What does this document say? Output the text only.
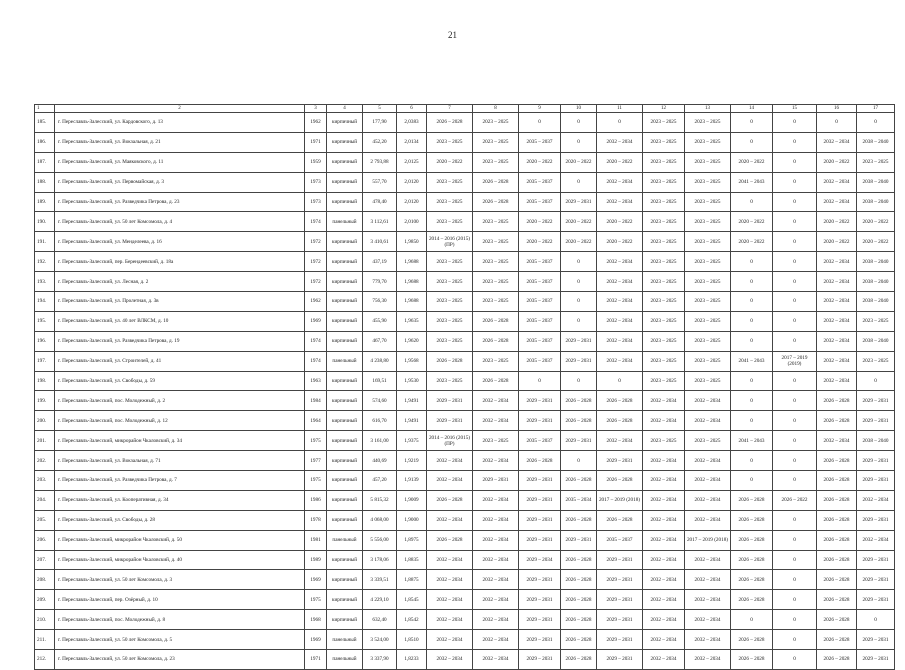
21
1	2	3	4	5	6	7	8	9	10	11	12	13	14	15	16	17
185.	г. Переславль-Залесский, ул. Кардовского, д. 13	1962	кирпичный	177,90	2,0383	2026 – 2028	2023 – 2025	0	0	0	2023 – 2025	2023 – 2025	0	0	0	0
186.	г. Переславль-Залесский, ул. Вокзальная, д. 21	1971	кирпичный	452,20	2,0134	2023 – 2025	2023 – 2025	2035 – 2037	0	2032 – 2034	2023 – 2025	2023 – 2025	0	0	2032 – 2034	2038 – 2040
187.	г. Переславль-Залесский, ул. Маяковского, д. 11	1959	кирпичный	2 793,88	2,0125	2020 – 2022	2023 – 2025	2020 – 2022	2020 – 2022	2020 – 2022	2023 – 2025	2023 – 2025	2020 – 2022	0	2020 – 2022	2023 – 2025
188.	г. Переславль-Залесский, ул. Первомайская, д. 3	1973	кирпичный	557,70	2,0120	2023 – 2025	2026 – 2028	2035 – 2037	0	2032 – 2034	2023 – 2025	2023 – 2025	2041 – 2043	0	2032 – 2034	2038 – 2040
189.	г. Переславль-Залесский, ул. Разведчика Петрова, д. 23	1973	кирпичный	478,40	2,0120	2023 – 2025	2026 – 2028	2035 – 2037	2029 – 2031	2032 – 2034	2023 – 2025	2023 – 2025	0	0	2032 – 2034	2038 – 2040
190.	г. Переславль-Залесский, ул. 50 лет Комсомола, д. 4	1974	панельный	3 112,61	2,0100	2023 – 2025	2023 – 2025	2020 – 2022	2020 – 2022	2020 – 2022	2023 – 2025	2023 – 2025	2020 – 2022	0	2020 – 2022	2020 – 2022
191.	г. Переславль-Залесский, ул. Менделеева, д. 16	1972	кирпичный	3 410,61	1,9850	2014 – 2016 (2015)(ПР)	2023 – 2025	2020 – 2022	2020 – 2022	2020 – 2022	2023 – 2025	2023 – 2025	2020 – 2022	0	2020 – 2022	2020 – 2022
192.	г. Переславль-Залесский, пер. Берендеевский, д. 18а	1972	кирпичный	437,19	1,9688	2023 – 2025	2023 – 2025	2035 – 2037	0	2032 – 2034	2023 – 2025	2023 – 2025	0	0	2032 – 2034	2038 – 2040
193.	г. Переславль-Залесский, ул. Лесная, д. 2	1972	кирпичный	779,70	1,9688	2023 – 2025	2023 – 2025	2035 – 2037	0	2032 – 2034	2023 – 2025	2023 – 2025	0	0	2032 – 2034	2038 – 2040
194.	г. Переславль-Залесский, ул. Пролетная, д. 3в	1962	кирпичный	756,30	1,9688	2023 – 2025	2023 – 2025	2035 – 2037	0	2032 – 2034	2023 – 2025	2023 – 2025	0	0	2032 – 2034	2038 – 2040
195.	г. Переславль-Залесский, ул. 40 лет ВЛКСМ, д. 10	1969	кирпичный	455,90	1,9635	2023 – 2025	2026 – 2028	2035 – 2037	0	2032 – 2034	2023 – 2025	2023 – 2025	0	0	2032 – 2034	2023 – 2025
196.	г. Переславль-Залесский, ул. Разведчика Петрова, д. 19	1974	кирпичный	467,70	1,9620	2023 – 2025	2026 – 2028	2035 – 2037	2029 – 2031	2032 – 2034	2023 – 2025	2023 – 2025	0	0	2032 – 2034	2038 – 2040
197.	г. Переславль-Залесский, ул. Строителей, д. 41	1974	панельный	4 238,80	1,9568	2026 – 2028	2023 – 2025	2035 – 2037	2029 – 2031	2032 – 2034	2023 – 2025	2023 – 2025	2041 – 2043	2017 – 2019 (2019)	2032 – 2034	2023 – 2025
198.	г. Переславль-Залесский, ул. Свободы, д. 59	1963	кирпичный	169,51	1,9530	2023 – 2025	2026 – 2028	0	0	0	2023 – 2025	2023 – 2025	0	0	2032 – 2034	0
199.	г. Переславль-Залесский, пос. Молодежный, д. 2	1984	кирпичный	574,60	1,9491	2029 – 2031	2032 – 2034	2029 – 2031	2026 – 2028	2026 – 2028	2032 – 2034	2032 – 2034	0	0	2026 – 2028	2029 – 2031
200.	г. Переславль-Залесский, пос. Молодежный, д. 12	1964	кирпичный	616,70	1,9491	2029 – 2031	2032 – 2034	2029 – 2031	2026 – 2028	2026 – 2028	2032 – 2034	2032 – 2034	0	0	2026 – 2028	2029 – 2031
201.	г. Переславль-Залесский, микрорайон Чкаловский, д. 34	1975	кирпичный	3 161,00	1,9375	2014 – 2016 (2015) (ПР)	2023 – 2025	2035 – 2037	2029 – 2031	2032 – 2034	2023 – 2025	2023 – 2025	2041 – 2043	0	2032 – 2034	2038 – 2040
202.	г. Переславль-Залесский, ул. Вокзальная, д. 71	1977	кирпичный	440,69	1,9219	2032 – 2034	2032 – 2034	2026 – 2028	0	2029 – 2031	2032 – 2034	2032 – 2034	0	0	2026 – 2028	2029 – 2031
203.	г. Переславль-Залесский, ул. Разведчика Петрова, д. 7	1975	кирпичный	457,20	1,9139	2032 – 2034	2029 – 2031	2029 – 2031	2026 – 2028	2026 – 2028	2032 – 2034	2032 – 2034	0	0	2026 – 2028	2029 – 2031
204.	г. Переславль-Залесский, ул. Кооперативная, д. 34	1986	кирпичный	5 815,32	1,9009	2026 – 2028	2032 – 2034	2029 – 2031	2035 – 2034	2017 – 2019 (2018)	2032 – 2034	2032 – 2034	2026 – 2028	2026 – 2022	2026 – 2028	2032 – 2034
205.	г. Переславль-Залесский, ул. Свободы, д. 28	1978	кирпичный	4 068,00	1,9000	2032 – 2034	2032 – 2034	2029 – 2031	2026 – 2028	2026 – 2028	2032 – 2034	2032 – 2034	2026 – 2028	0	2026 – 2028	2029 – 2031
206.	г. Переславль-Залесский, микрорайон Чкаловский, д. 50	1981	панельный	5 556,00	1,8975	2026 – 2028	2032 – 2034	2029 – 2031	2029 – 2031	2035 – 2037	2032 – 2034	2017 – 2019 (2018)	2026 – 2028	0	2026 – 2028	2032 – 2034
207.	г. Переславль-Залесский, микрорайон Чкаловский, д. 40	1989	кирпичный	3 178,06	1,8835	2032 – 2034	2032 – 2034	2029 – 2034	2026 – 2028	2029 – 2031	2032 – 2034	2032 – 2034	2026 – 2028	0	2026 – 2028	2029 – 2031
208.	г. Переславль-Залесский, ул. 50 лет Комсомола, д. 3	1969	кирпичный	3 339,51	1,8875	2032 – 2034	2032 – 2034	2029 – 2031	2026 – 2028	2029 – 2031	2032 – 2034	2032 – 2034	2026 – 2028	0	2026 – 2028	2029 – 2031
209.	г. Переславль-Залесский, пер. Озёрный, д. 10	1975	кирпичный	4 229,10	1,8545	2032 – 2034	2032 – 2034	2029 – 2031	2026 – 2028	2029 – 2031	2032 – 2034	2032 – 2034	2026 – 2028	0	2026 – 2028	2029 – 2031
210.	г. Переславль-Залесский, пос. Молодежный, д. 8	1968	кирпичный	632,40	1,8542	2032 – 2034	2032 – 2034	2029 – 2031	2026 – 2028	2029 – 2031	2032 – 2034	2032 – 2034	0	0	2026 – 2028	0
211.	г. Переславль-Залесский, ул. 50 лет Комсомола, д. 5	1969	панельный	3 524,00	1,8510	2032 – 2034	2032 – 2034	2029 – 2031	2026 – 2028	2029 – 2031	2032 – 2034	2032 – 2034	2026 – 2028	0	2026 – 2028	2029 – 2031
212.	г. Переславль-Залесский, ул. 50 лет Комсомола, д. 23	1971	панельный	3 337,90	1,8233	2032 – 2034	2032 – 2034	2029 – 2031	2026 – 2028	2029 – 2031	2032 – 2034	2032 – 2034	2026 – 2028	0	2026 – 2028	2029 – 2031
